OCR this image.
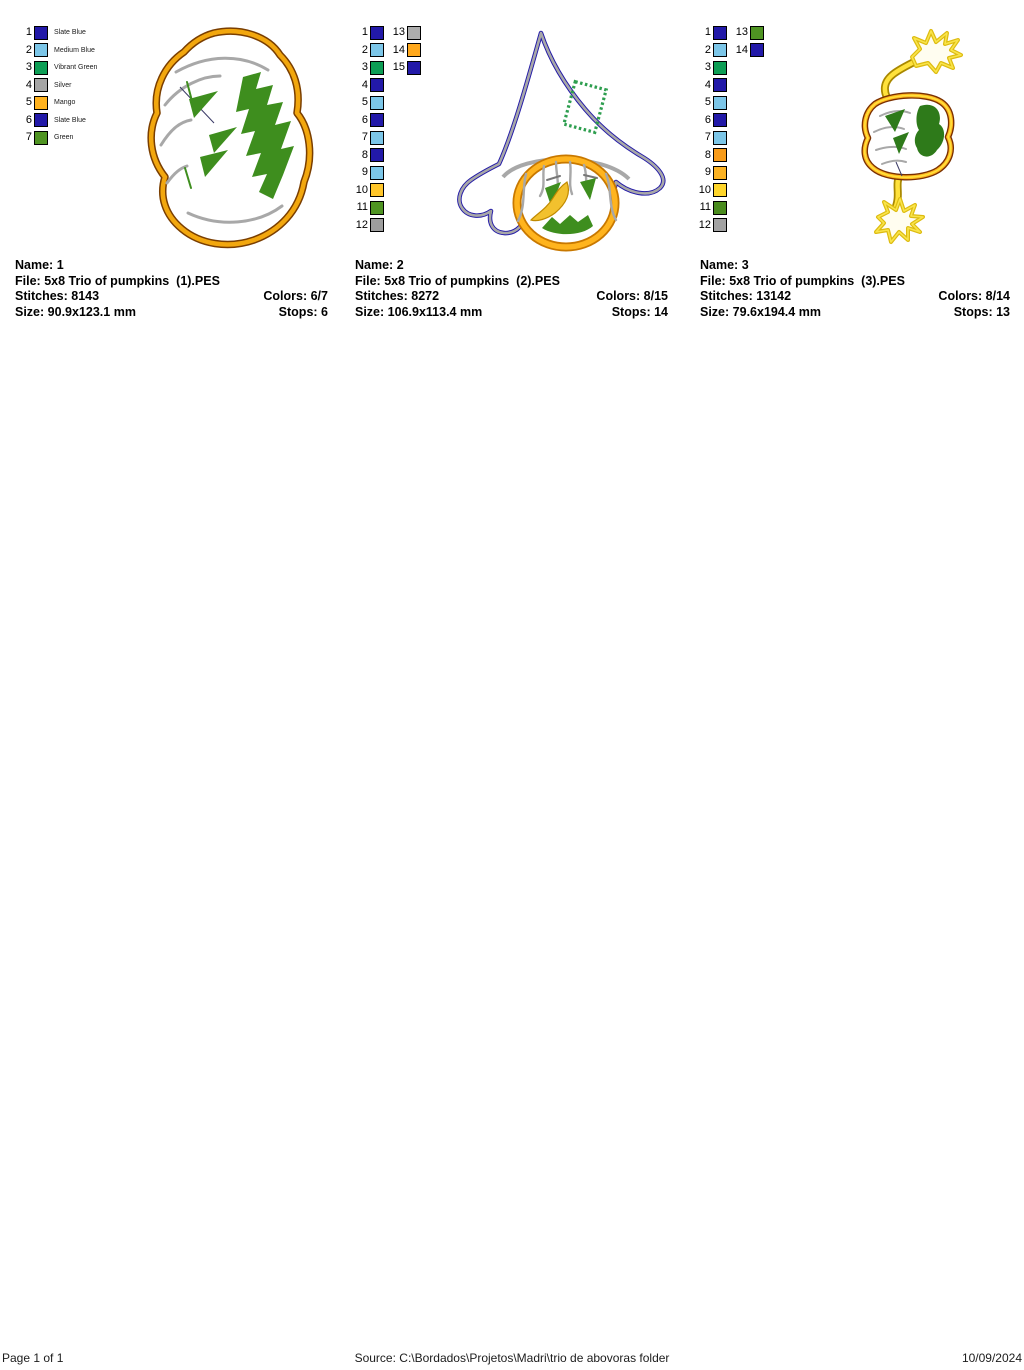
1	Slate Blue
2	Medium Blue
3	Vibrant Green
4	Silver
5	Mango
6	Slate Blue
7	Green
Name: 1
File: 5x8 Trio of pumpkins  (1).PES
Stitches: 8143	Colors: 6/7
Size: 90.9x123.1 mm	Stops: 6
1
2
3
4
5
6
7
8
9
10
11
12
13
14
15
Name: 2
File: 5x8 Trio of pumpkins  (2).PES
Stitches: 8272	Colors: 8/15
Size: 106.9x113.4 mm	Stops: 14
1
2
3
4
5
6
7
8
9
10
11
12
13
14
Name: 3
File: 5x8 Trio of pumpkins  (3).PES
Stitches: 13142	Colors: 8/14
Size: 79.6x194.4 mm	Stops: 13
Page 1 of 1	Source: C:\Bordados\Projetos\Madri\trio de abovoras folder	10/09/2024
